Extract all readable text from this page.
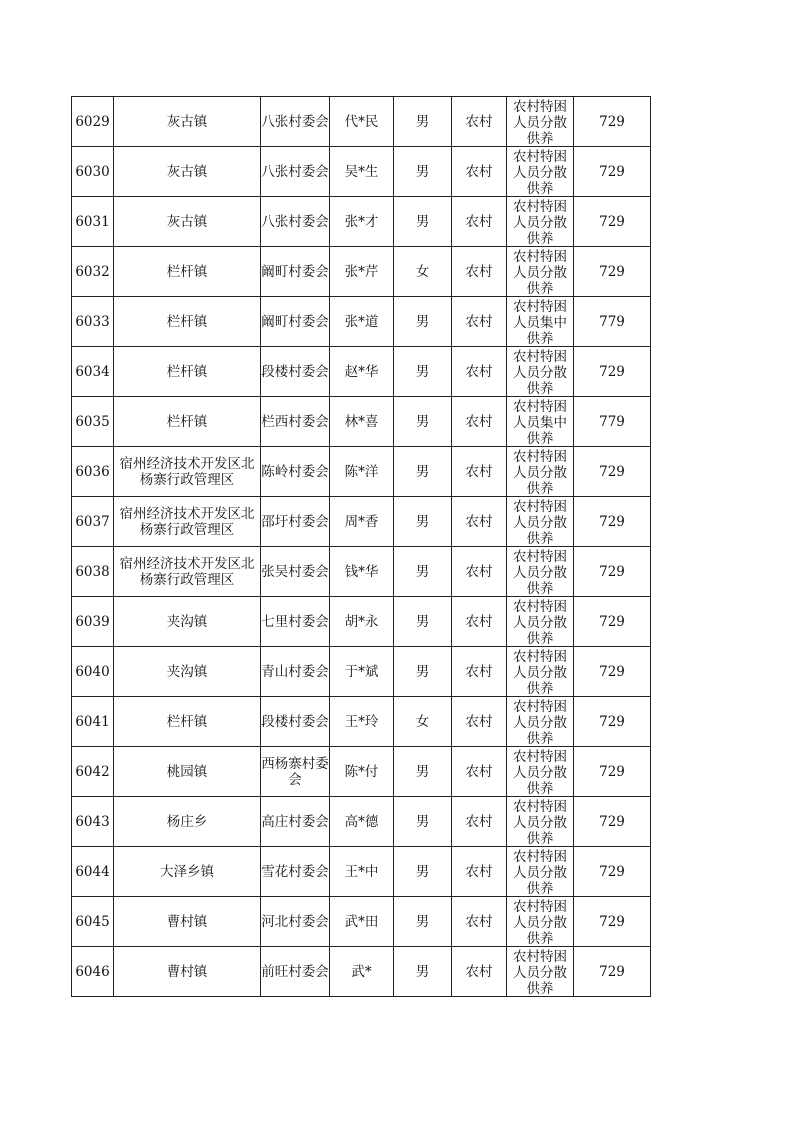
6029	灰古镇	八张村委会	代*民	男	农村	农村特困人员分散供养	729

6030	灰古镇	八张村委会	吴*生	男	农村	农村特困人员分散供养	729

6031	灰古镇	八张村委会	张*才	男	农村	农村特困人员分散供养	729

6032	栏杆镇	阚町村委会	张*芹	女	农村	农村特困人员分散供养	729

6033	栏杆镇	阚町村委会	张*道	男	农村	农村特困人员集中供养	779

6034	栏杆镇	段楼村委会	赵*华	男	农村	农村特困人员分散供养	729

6035	栏杆镇	栏西村委会	林*喜	男	农村	农村特困人员集中供养	779

6036	宿州经济技术开发区北杨寨行政管理区	陈岭村委会	陈*洋	男	农村	农村特困人员分散供养	729

6037	宿州经济技术开发区北杨寨行政管理区	邵圩村委会	周*香	男	农村	农村特困人员分散供养	729

6038	宿州经济技术开发区北杨寨行政管理区	张吴村委会	钱*华	男	农村	农村特困人员分散供养	729

6039	夹沟镇	七里村委会	胡*永	男	农村	农村特困人员分散供养	729

6040	夹沟镇	青山村委会	于*斌	男	农村	农村特困人员分散供养	729

6041	栏杆镇	段楼村委会	王*玲	女	农村	农村特困人员分散供养	729

6042	桃园镇	西杨寨村委会	陈*付	男	农村	农村特困人员分散供养	729

6043	杨庄乡	高庄村委会	高*德	男	农村	农村特困人员分散供养	729

6044	大泽乡镇	雪花村委会	王*中	男	农村	农村特困人员分散供养	729

6045	曹村镇	河北村委会	武*田	男	农村	农村特困人员分散供养	729

6046	曹村镇	前旺村委会	武*	男	农村	农村特困人员分散供养	729
